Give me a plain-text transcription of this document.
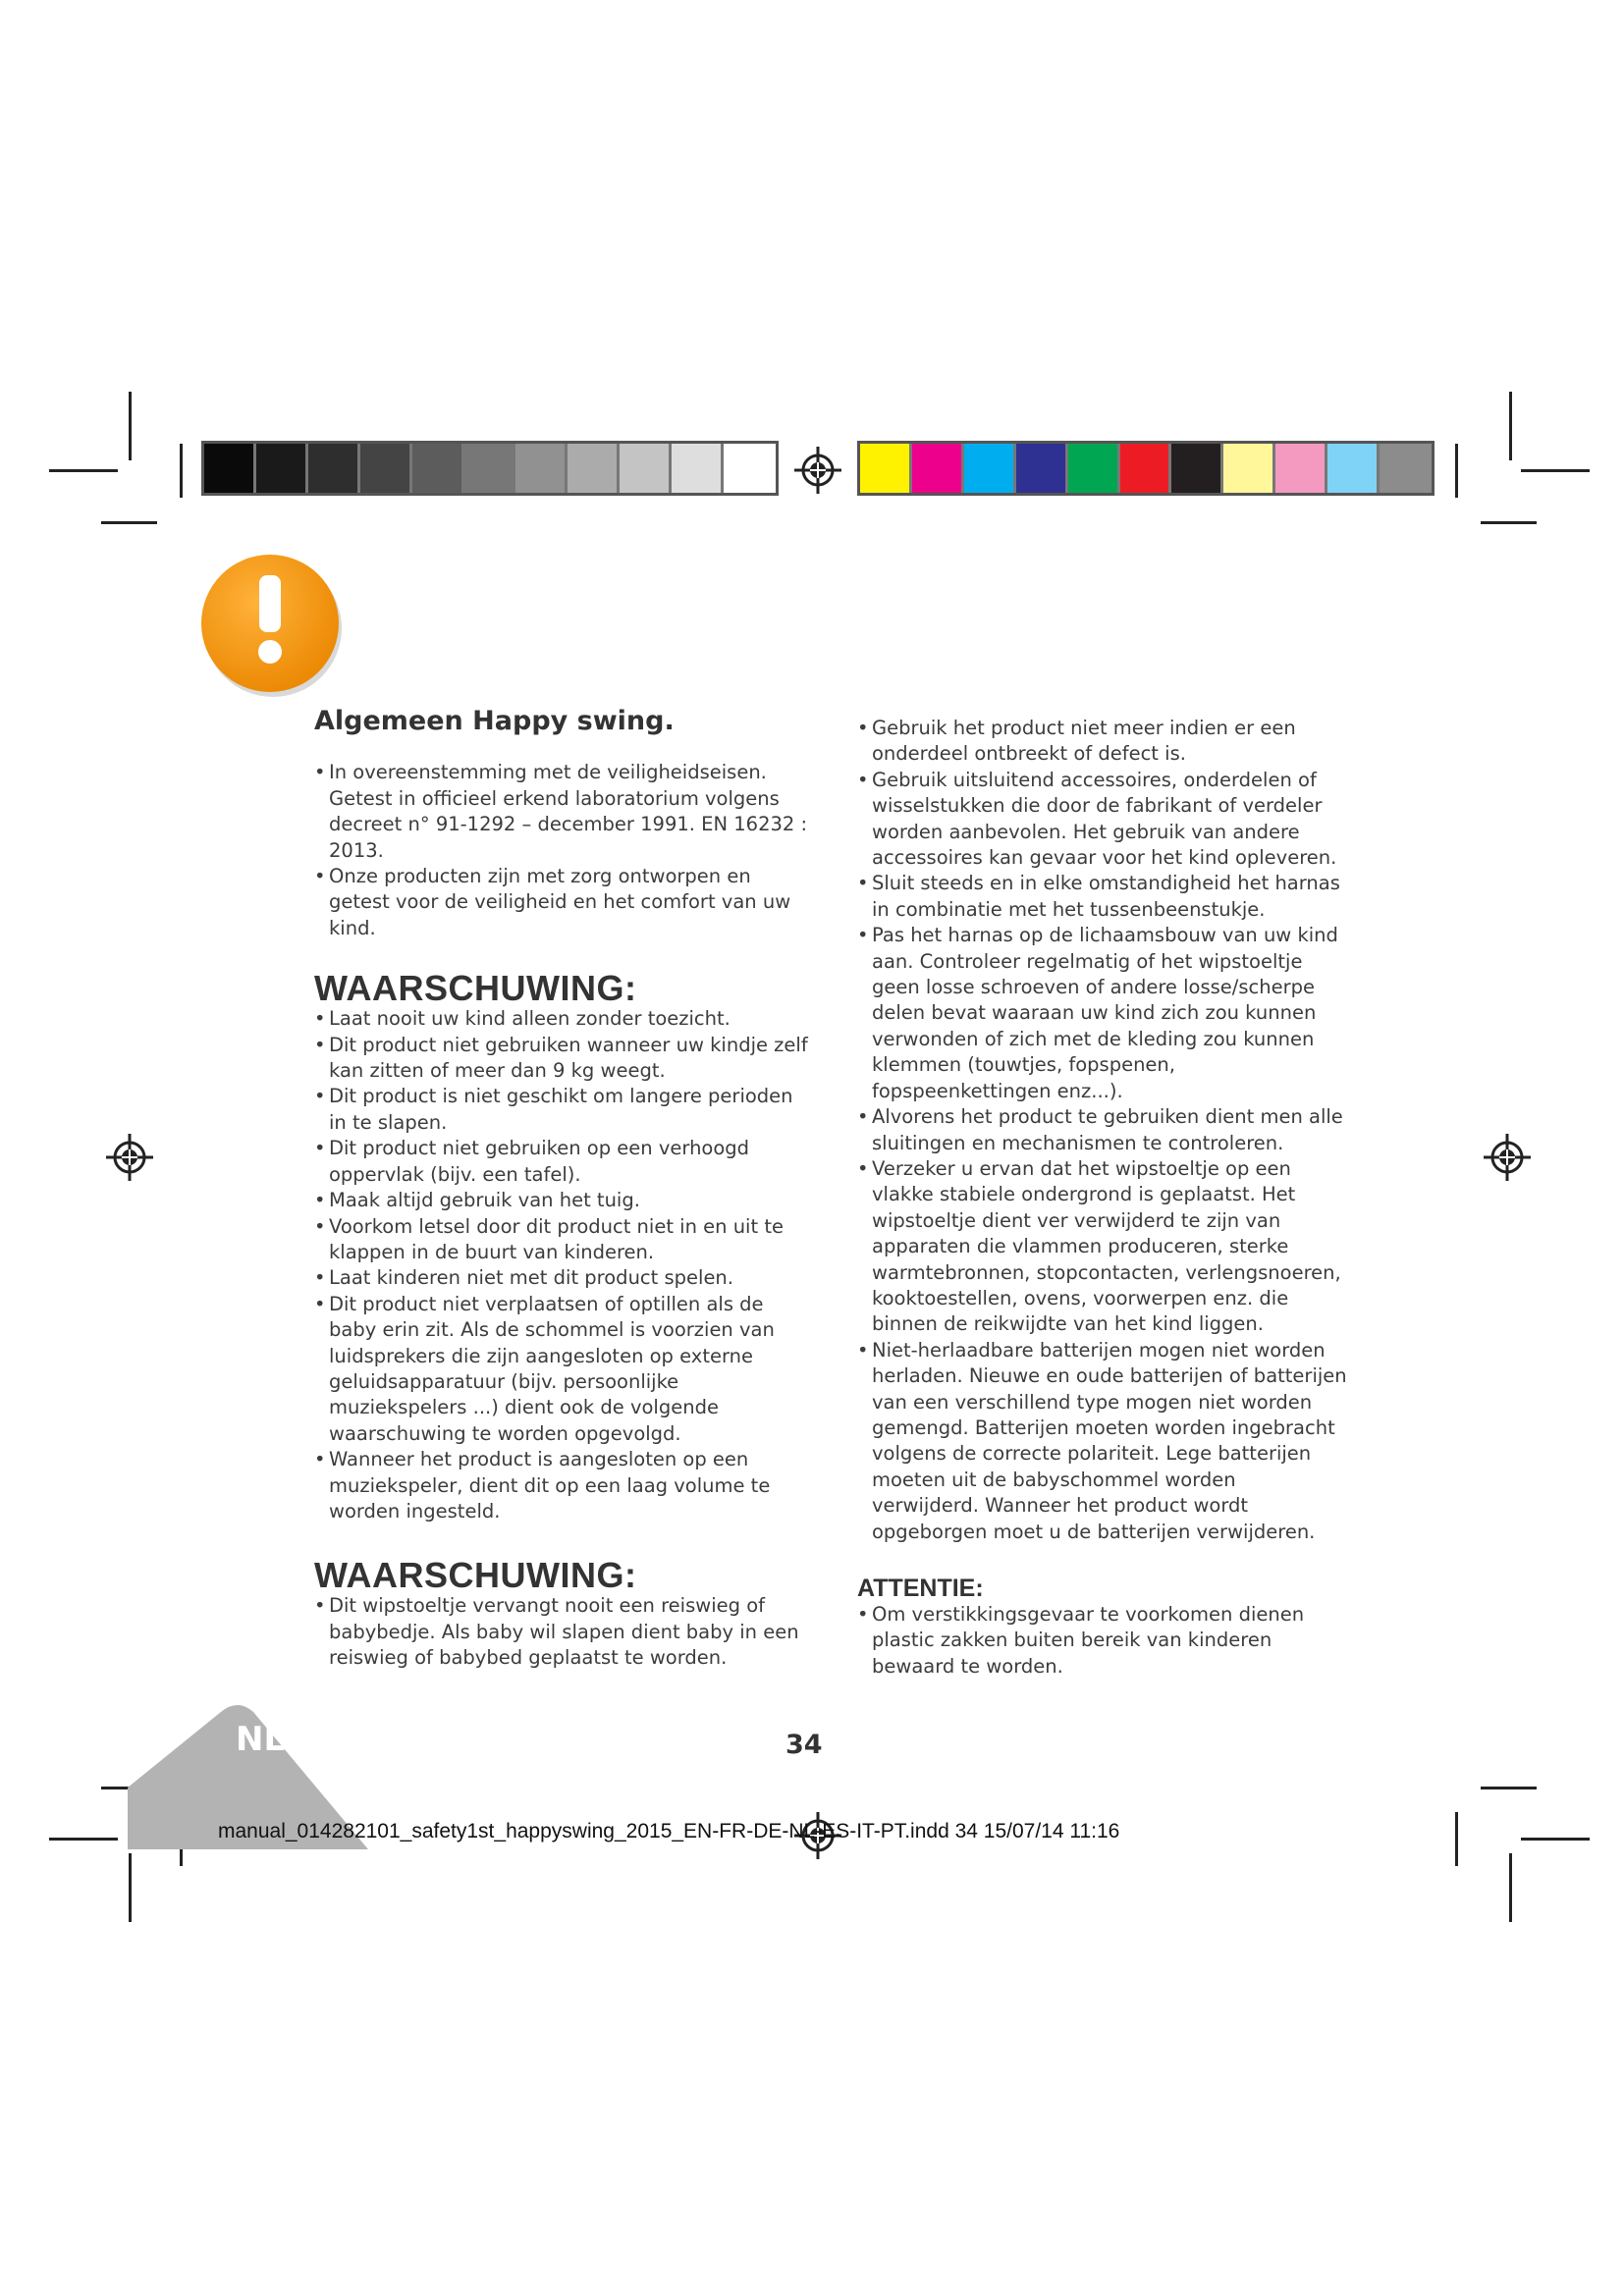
Algemeen Happy swing.
• In overeenstemming met de veiligheidseisen. Getest in officieel erkend laboratorium volgens decreet n° 91-1292 – december 1991. EN 16232 : 2013.
• Onze producten zijn met zorg ontworpen en getest voor de veiligheid en het comfort van uw kind.
WAARSCHUWING:
• Laat nooit uw kind alleen zonder toezicht.
• Dit product niet gebruiken wanneer uw kindje zelf kan zitten of meer dan 9 kg weegt.
• Dit product is niet geschikt om langere perioden in te slapen.
• Dit product niet gebruiken op een verhoogd oppervlak (bijv. een tafel).
• Maak altijd gebruik van het tuig.
• Voorkom letsel door dit product niet in en uit te klappen in de buurt van kinderen.
• Laat kinderen niet met dit product spelen.
• Dit product niet verplaatsen of optillen als de baby erin zit. Als de schommel is voorzien van luidsprekers die zijn aangesloten op externe geluidsapparatuur (bijv. persoonlijke muziekspelers ...) dient ook de volgende waarschuwing te worden opgevolgd.
• Wanneer het product is aangesloten op een muziekspeler, dient dit op een laag volume te worden ingesteld.
WAARSCHUWING:
• Dit wipstoeltje vervangt nooit een reiswieg of babybedje. Als baby wil slapen dient baby in een reiswieg of babybed geplaatst te worden.
• Gebruik het product niet meer indien er een onderdeel ontbreekt of defect is.
• Gebruik uitsluitend accessoires, onderdelen of wisselstukken die door de fabrikant of verdeler worden aanbevolen. Het gebruik van andere accessoires kan gevaar voor het kind opleveren.
• Sluit steeds en in elke omstandigheid het harnas in combinatie met het tussenbeenstukje.
• Pas het harnas op de lichaamsbouw van uw kind aan. Controleer regelmatig of het wipstoeltje geen losse schroeven of andere losse/scherpe delen bevat waaraan uw kind zich zou kunnen verwonden of zich met de kleding zou kunnen klemmen (touwtjes, fopspenen, fopspeenkettingen enz...).
• Alvorens het product te gebruiken dient men alle sluitingen en mechanismen te controleren.
• Verzeker u ervan dat het wipstoeltje op een vlakke stabiele ondergrond is geplaatst. Het wipstoeltje dient ver verwijderd te zijn van apparaten die vlammen produceren, sterke warmtebronnen, stopcontacten, verlengsnoeren, kooktoestellen, ovens, voorwerpen enz. die binnen de reikwijdte van het kind liggen.
• Niet-herlaadbare batterijen mogen niet worden herladen. Nieuwe en oude batterijen of batterijen van een verschillend type mogen niet worden gemengd. Batterijen moeten worden ingebracht volgens de correcte polariteit. Lege batterijen moeten uit de babyschommel worden verwijderd. Wanneer het product wordt opgeborgen moet u de batterijen verwijderen.
ATTENTIE:
• Om verstikkingsgevaar te voorkomen dienen plastic zakken buiten bereik van kinderen bewaard te worden.
NL	34
manual_014282101_safety1st_happyswing_2015_EN-FR-DE-NL-ES-IT-PT.indd 34 15/07/14 11:16
